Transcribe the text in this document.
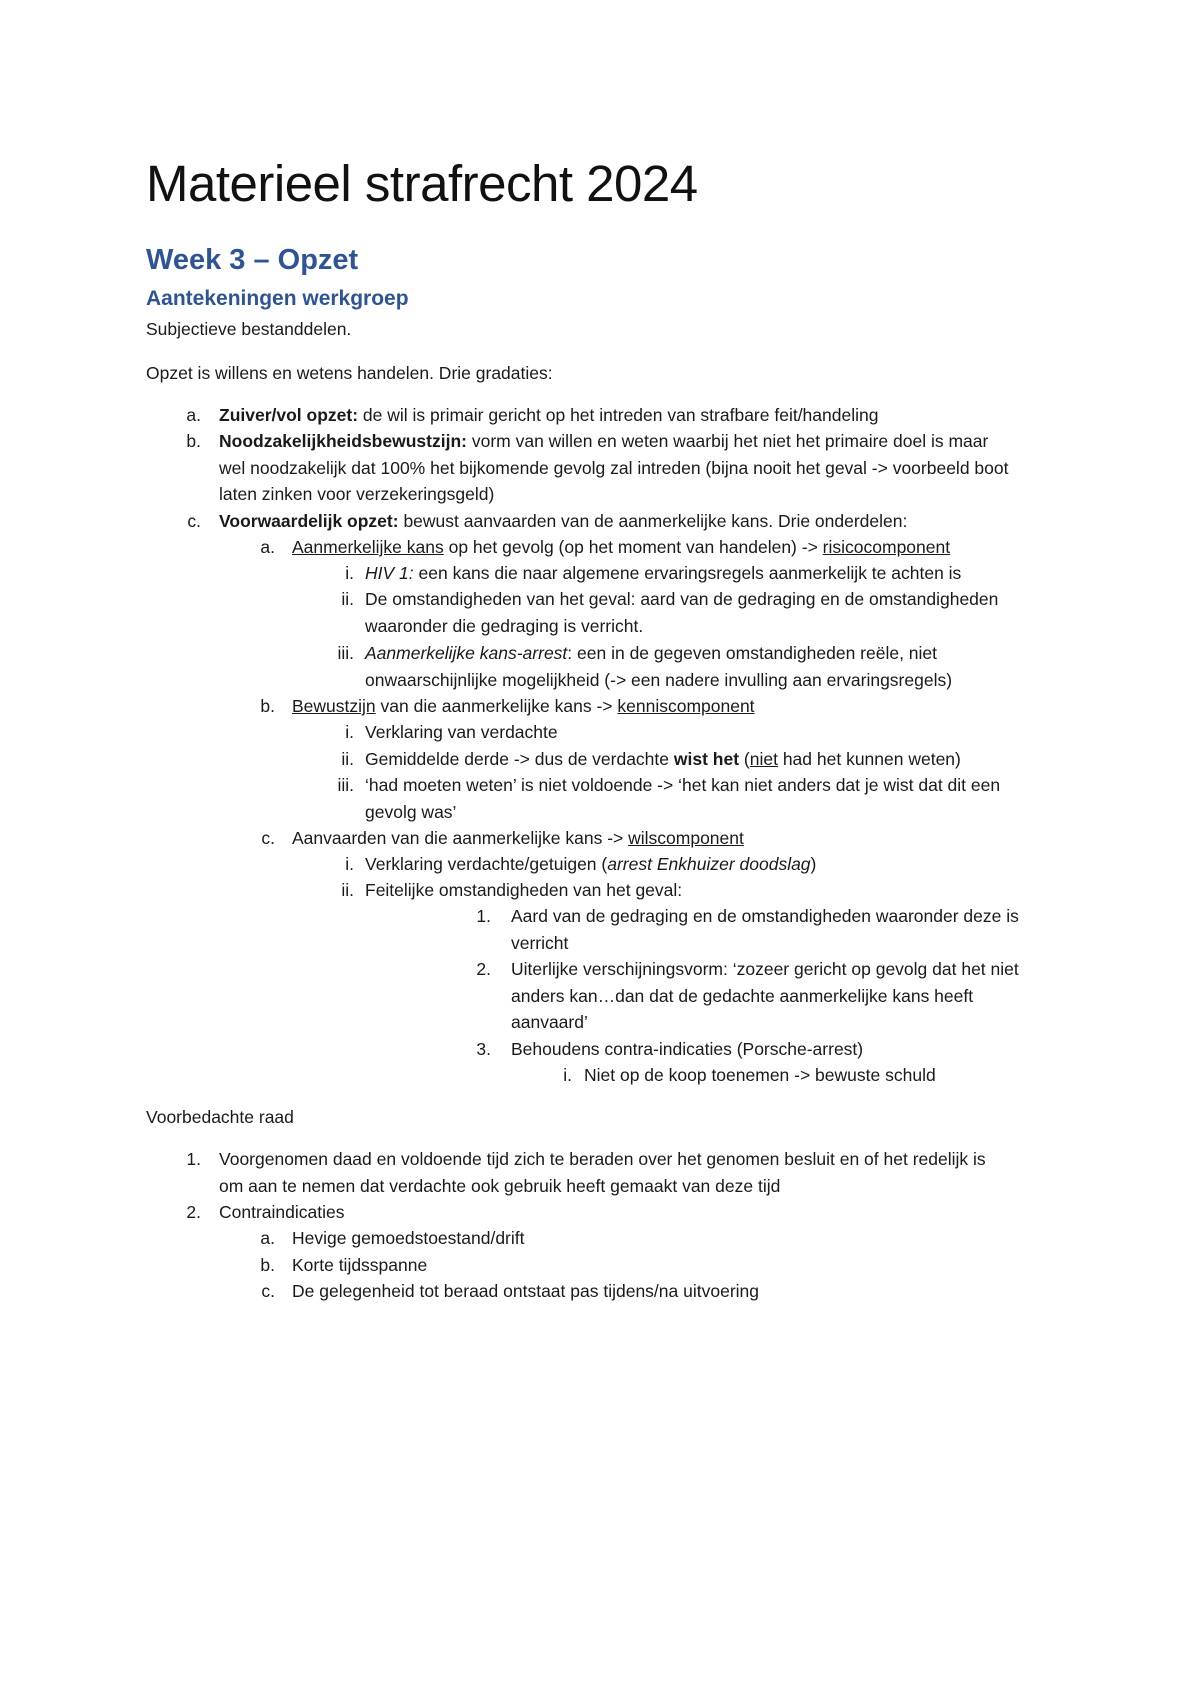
Materieel strafrecht 2024
Week 3 – Opzet
Aantekeningen werkgroep

Subjectieve bestanddelen.

Opzet is willens en wetens handelen. Drie gradaties:

a. Zuiver/vol opzet: de wil is primair gericht op het intreden van strafbare feit/handeling
b. Noodzakelijkheidsbewustzijn: vorm van willen en weten waarbij het niet het primaire doel is maar
wel noodzakelijk dat 100% het bijkomende gevolg zal intreden (bijna nooit het geval -> voorbeeld boot
laten zinken voor verzekeringsgeld)
c. Voorwaardelijk opzet: bewust aanvaarden van de aanmerkelijke kans. Drie onderdelen:
a. Aanmerkelijke kans op het gevolg (op het moment van handelen) -> risicocomponent
i. HIV 1: een kans die naar algemene ervaringsregels aanmerkelijk te achten is
ii. De omstandigheden van het geval: aard van de gedraging en de omstandigheden
waaronder die gedraging is verricht.
iii. Aanmerkelijke kans-arrest: een in de gegeven omstandigheden reële, niet
onwaarschijnlijke mogelijkheid (-> een nadere invulling aan ervaringsregels)
b. Bewustzijn van die aanmerkelijke kans -> kenniscomponent
i. Verklaring van verdachte
ii. Gemiddelde derde -> dus de verdachte wist het (niet had het kunnen weten)
iii. ‘had moeten weten’ is niet voldoende -> ‘het kan niet anders dat je wist dat dit een
gevolg was’
c. Aanvaarden van die aanmerkelijke kans -> wilscomponent
i. Verklaring verdachte/getuigen (arrest Enkhuizer doodslag)
ii. Feitelijke omstandigheden van het geval:
1. Aard van de gedraging en de omstandigheden waaronder deze is
verricht
2. Uiterlijke verschijningsvorm: ‘zozeer gericht op gevolg dat het niet
anders kan…dan dat de gedachte aanmerkelijke kans heeft
aanvaard’
3. Behoudens contra-indicaties (Porsche-arrest)
i. Niet op de koop toenemen -> bewuste schuld

Voorbedachte raad

1. Voorgenomen daad en voldoende tijd zich te beraden over het genomen besluit en of het redelijk is
om aan te nemen dat verdachte ook gebruik heeft gemaakt van deze tijd
2. Contraindicaties
a. Hevige gemoedstoestand/drift
b. Korte tijdsspanne
c. De gelegenheid tot beraad ontstaat pas tijdens/na uitvoering
